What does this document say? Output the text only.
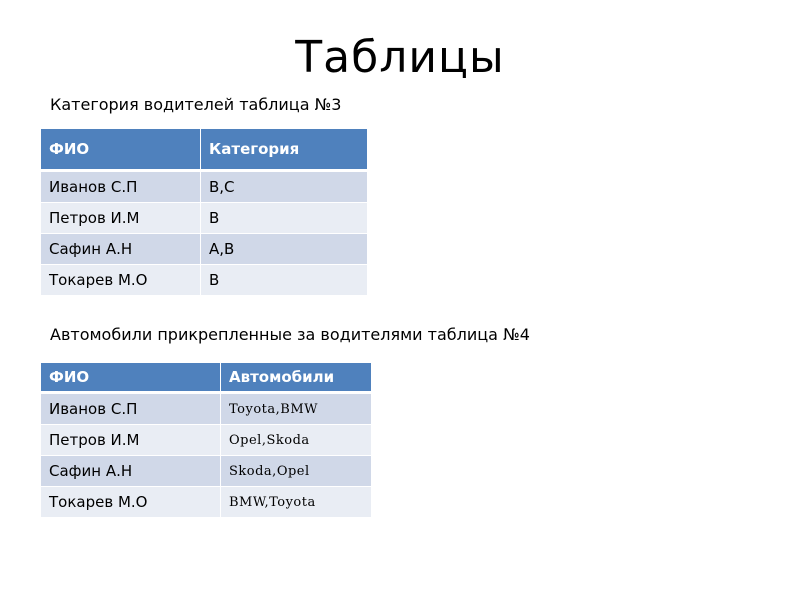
Таблицы
Категория водителей таблица №3
ФИО	Категория
Иванов С.П	B,C
Петров И.М	B
Сафин А.Н	A,B
Токарев М.О	B
Автомобили прикрепленные за водителями таблица №4
ФИО	Автомобили
Иванов С.П	Toyota,BMW
Петров И.М	Opel,Skoda
Сафин А.Н	Skoda,Opel
Токарев М.О	BMW,Toyota
